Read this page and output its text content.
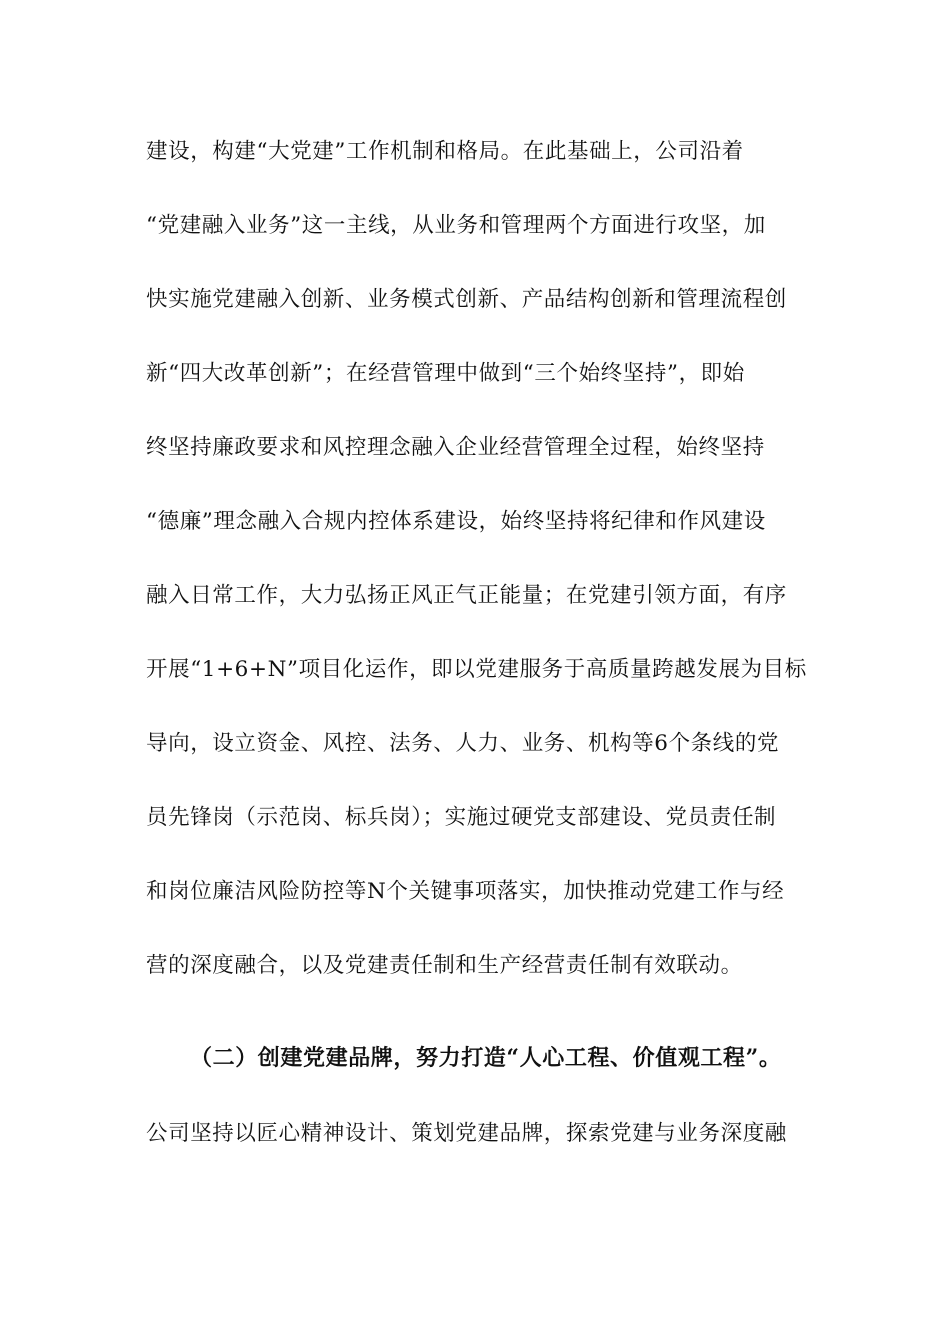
建设，构建“大党建”工作机制和格局。在此基础上，公司沿着
“党建融入业务”这一主线，从业务和管理两个方面进行攻坚，加
快实施党建融入创新、业务模式创新、产品结构创新和管理流程创
新“四大改革创新”；在经营管理中做到“三个始终坚持”，即始
终坚持廉政要求和风控理念融入企业经营管理全过程，始终坚持
“德廉”理念融入合规内控体系建设，始终坚持将纪律和作风建设
融入日常工作，大力弘扬正风正气正能量；在党建引领方面，有序
开展“1+6+N”项目化运作，即以党建服务于高质量跨越发展为目标
导向，设立资金、风控、法务、人力、业务、机构等6个条线的党
员先锋岗（示范岗、标兵岗）；实施过硬党支部建设、党员责任制
和岗位廉洁风险防控等N个关键事项落实，加快推动党建工作与经
营的深度融合，以及党建责任制和生产经营责任制有效联动。
（二）创建党建品牌，努力打造“人心工程、价值观工程”。
公司坚持以匠心精神设计、策划党建品牌，探索党建与业务深度融
